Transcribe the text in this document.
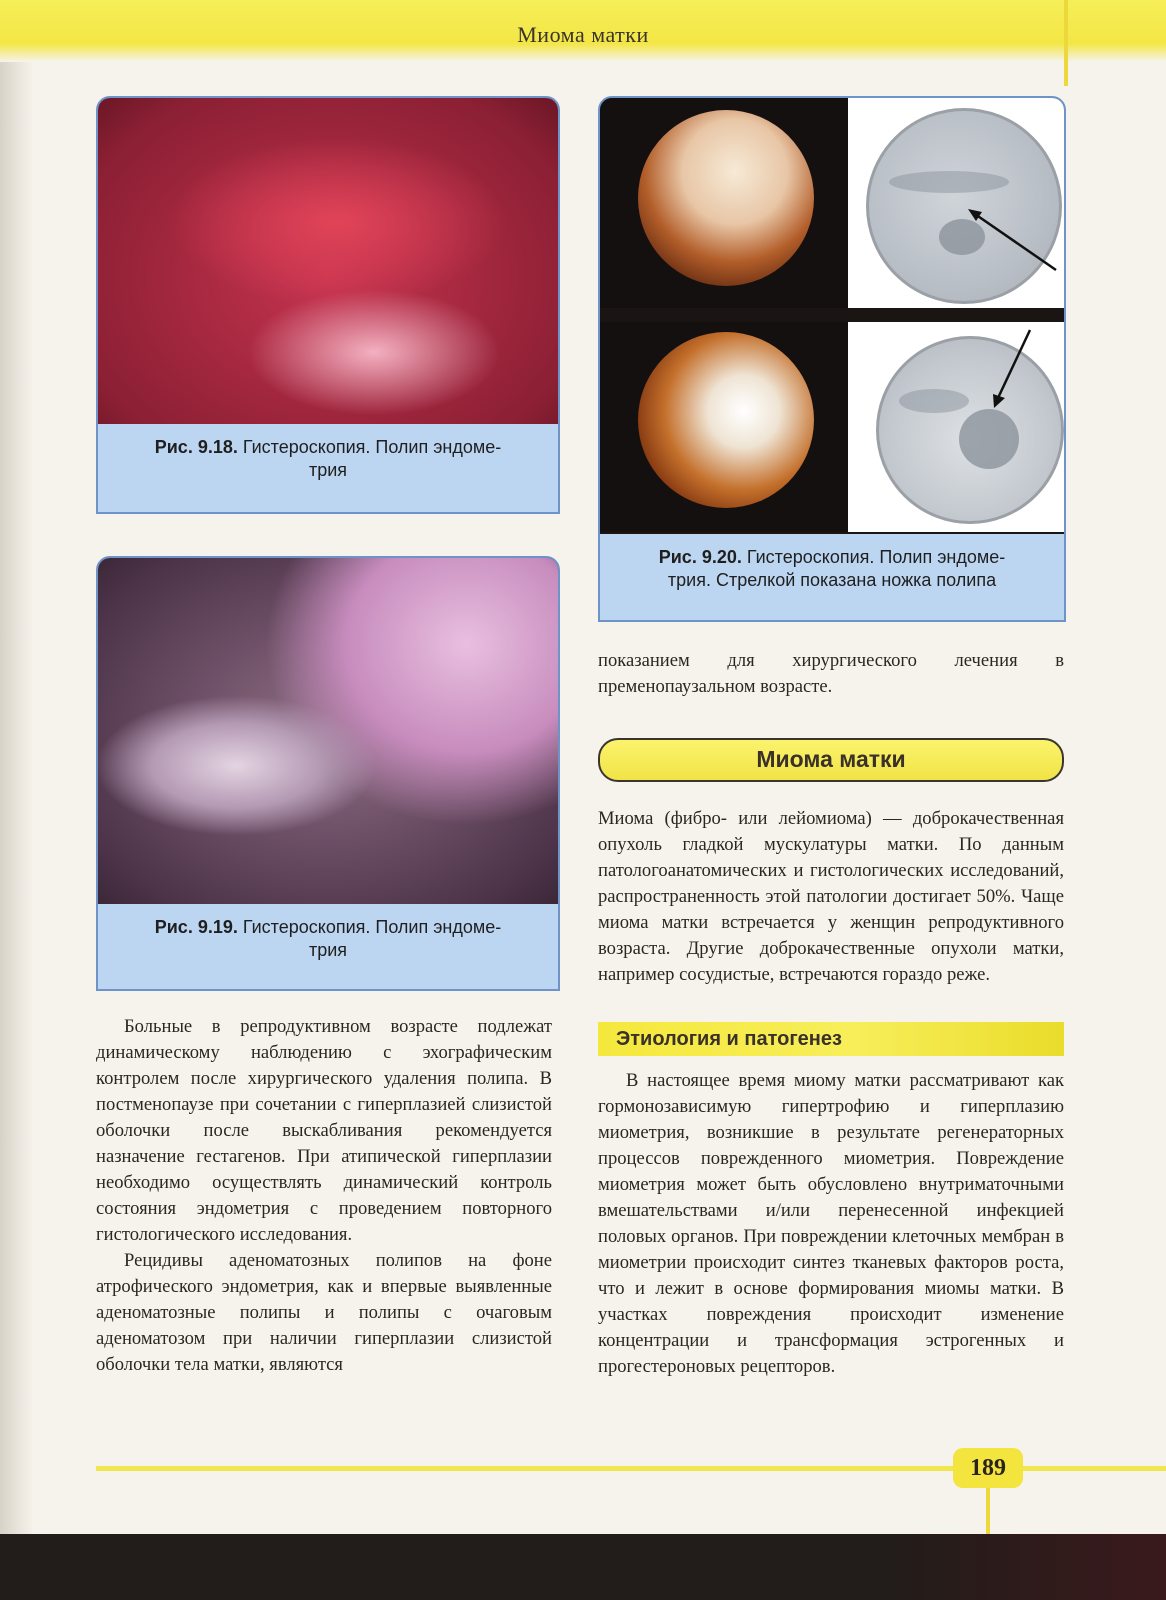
Миома матки
Рис. 9.18. Гистероскопия. Полип эндоме-
трия
Рис. 9.19. Гистероскопия. Полип эндоме-
трия
Рис. 9.20. Гистероскопия. Полип эндоме-
трия. Стрелкой показана ножка полипа

Больные в репродуктивном возрасте подлежат динамическому наблюдению с эхографическим контролем после хирургического удаления полипа. В постменопаузе при сочетании с гиперплазией слизистой оболочки после выскабливания рекомендуется назначение гестагенов. При атипической гиперплазии необходимо осуществлять динамический контроль состояния эндометрия с проведением повторного гистологического исследования.

Рецидивы аденоматозных полипов на фоне атрофического эндометрия, как и впервые выявленные аденоматозные полипы и полипы с очаговым аденоматозом при наличии гиперплазии слизистой оболочки тела матки, являются

показанием для хирургического лечения в пременопаузальном возрасте.

Миома матки

Миома (фибро- или лейомиома) — доброкачественная опухоль гладкой мускулатуры матки. По данным патологоанатомических и гистологических исследований, распространенность этой патологии достигает 50%. Чаще миома матки встречается у женщин репродуктивного возраста. Другие доброкачественные опухоли матки, например сосудистые, встречаются гораздо реже.

Этиология и патогенез

В настоящее время миому матки рассматривают как гормонозависимую гипертрофию и гиперплазию миометрия, возникшие в результате регенераторных процессов поврежденного миометрия. Повреждение миометрия может быть обусловлено внутриматочными вмешательствами и/или перенесенной инфекцией половых органов. При повреждении клеточных мембран в миометрии происходит синтез тканевых факторов роста, что и лежит в основе формирования миомы матки. В участках повреждения происходит изменение концентрации и трансформация эстрогенных и прогестероновых рецепторов.

189
